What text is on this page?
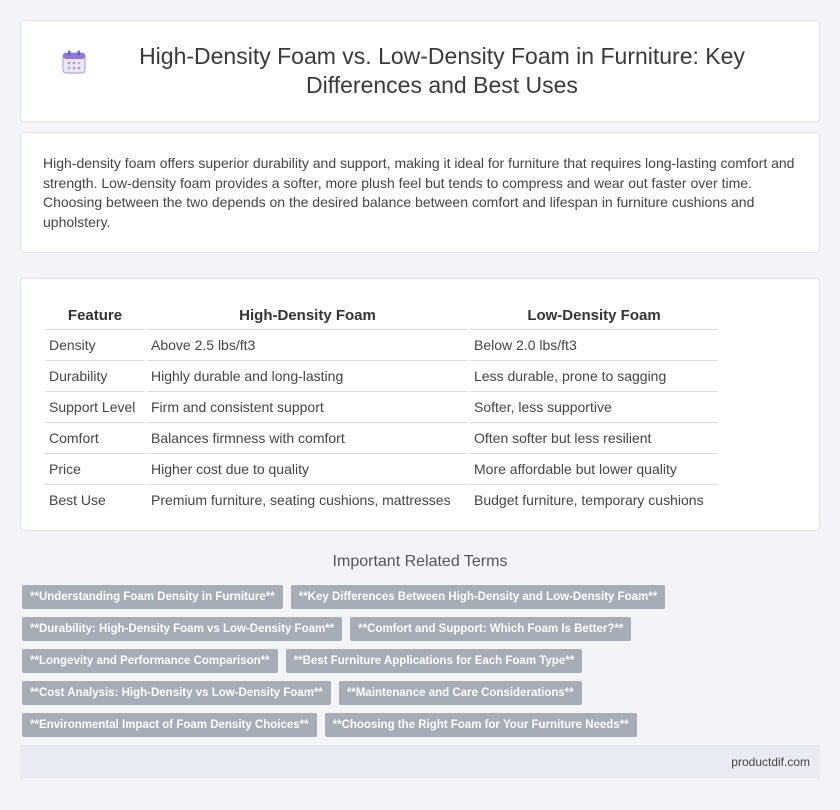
High-Density Foam vs. Low-Density Foam in Furniture: Key Differences and Best Uses
High-density foam offers superior durability and support, making it ideal for furniture that requires long-lasting comfort and strength. Low-density foam provides a softer, more plush feel but tends to compress and wear out faster over time. Choosing between the two depends on the desired balance between comfort and lifespan in furniture cushions and upholstery.
Feature		High-Density Foam		Low-Density Foam
Density		Above 2.5 lbs/ft3		Below 2.0 lbs/ft3
Durability		Highly durable and long-lasting		Less durable, prone to sagging
Support Level		Firm and consistent support		Softer, less supportive
Comfort		Balances firmness with comfort		Often softer but less resilient
Price		Higher cost due to quality		More affordable but lower quality
Best Use		Premium furniture, seating cushions, mattresses		Budget furniture, temporary cushions
Important Related Terms
**Understanding Foam Density in Furniture**	**Key Differences Between High-Density and Low-Density Foam**
**Durability: High-Density Foam vs Low-Density Foam**	**Comfort and Support: Which Foam Is Better?**
**Longevity and Performance Comparison**	**Best Furniture Applications for Each Foam Type**
**Cost Analysis: High-Density vs Low-Density Foam**	**Maintenance and Care Considerations**
**Environmental Impact of Foam Density Choices**	**Choosing the Right Foam for Your Furniture Needs**
productdif.com
